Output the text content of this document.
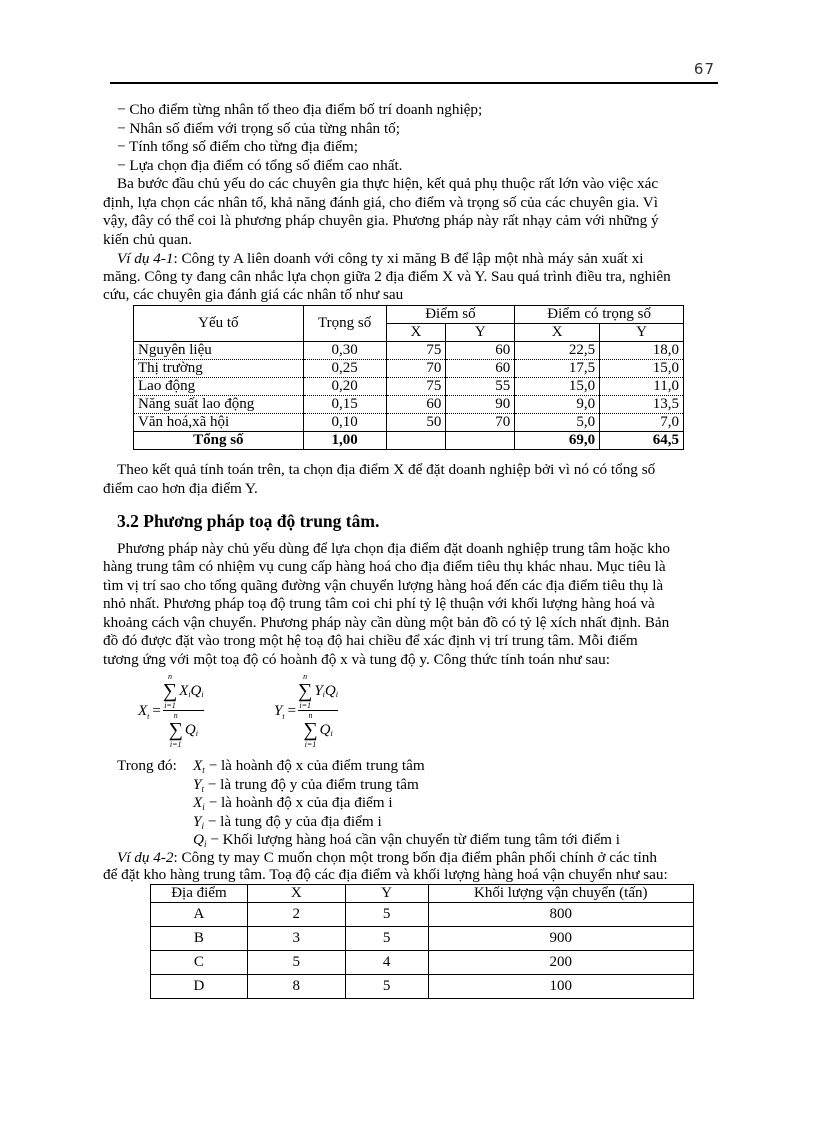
67
− Cho điểm từng nhân tố theo địa điểm bố trí doanh nghiệp;
− Nhân số điểm với trọng số của từng nhân tố;
− Tính tổng số điểm cho từng địa điểm;
− Lựa chọn địa điểm có tổng số điểm cao nhất.
Ba bước đầu chủ yếu do các chuyên gia thực hiện, kết quả phụ thuộc rất lớn vào việc xác
định, lựa chọn các nhân tố, khả năng đánh giá, cho điểm và trọng số của các chuyên gia. Vì
vậy, đây có thể coi là phương pháp chuyên gia. Phương pháp này rất nhạy cảm với những ý
kiến chủ quan.
Ví dụ 4-1: Công ty A liên doanh với công ty xi măng B để lập một nhà máy sản xuất xi
măng. Công ty đang cân nhắc lựa chọn giữa 2 địa điểm X và Y. Sau quá trình điều tra, nghiên
cứu, các chuyên gia đánh giá các nhân tố như sau
Yếu tố	Trọng số	Điểm số		Điểm có trọng số	
		X	Y	X	Y
Nguyên liệu	0,30	75	60	22,5	18,0
Thị trường	0,25	70	60	17,5	15,0
Lao động	0,20	75	55	15,0	11,0
Năng suất lao động	0,15	60	90	9,0	13,5
Văn hoá,xã hội	0,10	50	70	5,0	7,0
Tổng số	1,00			69,0	64,5
Theo kết quả tính toán trên, ta chọn địa điểm X để đặt doanh nghiệp bởi vì nó có tổng số
điểm cao hơn địa điểm Y.
3.2 Phương pháp toạ độ trung tâm.
Phương pháp này chủ yếu dùng để lựa chọn địa điểm đặt doanh nghiệp trung tâm hoặc kho
hàng trung tâm có nhiệm vụ cung cấp hàng hoá cho địa điểm tiêu thụ khác nhau. Mục tiêu là
tìm vị trí sao cho tổng quãng đường vận chuyển lượng hàng hoá đến các địa điểm tiêu thụ là
nhỏ nhất. Phương pháp toạ độ trung tâm coi chi phí tỷ lệ thuận với khối lượng hàng hoá và
khoảng cách vận chuyển. Phương pháp này cần dùng một bản đồ có tỷ lệ xích nhất định. Bản
đồ đó được đặt vào trong một hệ toạ độ hai chiều để xác định vị trí trung tâm. Mỗi điểm
tương ứng với một toạ độ có hoành độ x và tung độ y. Công thức tính toán như sau:
X t = n
∑
i=1
X i Q i
n
∑
i=1
Q i	Y t = n
∑
i=1
Y i Q i
n
∑
i=1
Q i
Trong đó: Xt − là hoành độ x của điểm trung tâm
Yt − là trung độ y của điểm trung tâm
Xi − là hoành độ x của địa điểm i
Yi − là tung độ y của địa điểm i
Qi − Khối lượng hàng hoá cần vận chuyển từ điểm tung tâm tới điểm i
Ví dụ 4-2: Công ty may C muốn chọn một trong bốn địa điểm phân phối chính ở các tỉnh
để đặt kho hàng trung tâm. Toạ độ các địa điểm và khối lượng hàng hoá vận chuyển như sau:
Địa điểm	X	Y	Khối lượng vận chuyển (tấn)
A	2	5	800
B	3	5	900
C	5	4	200
D	8	5	100
